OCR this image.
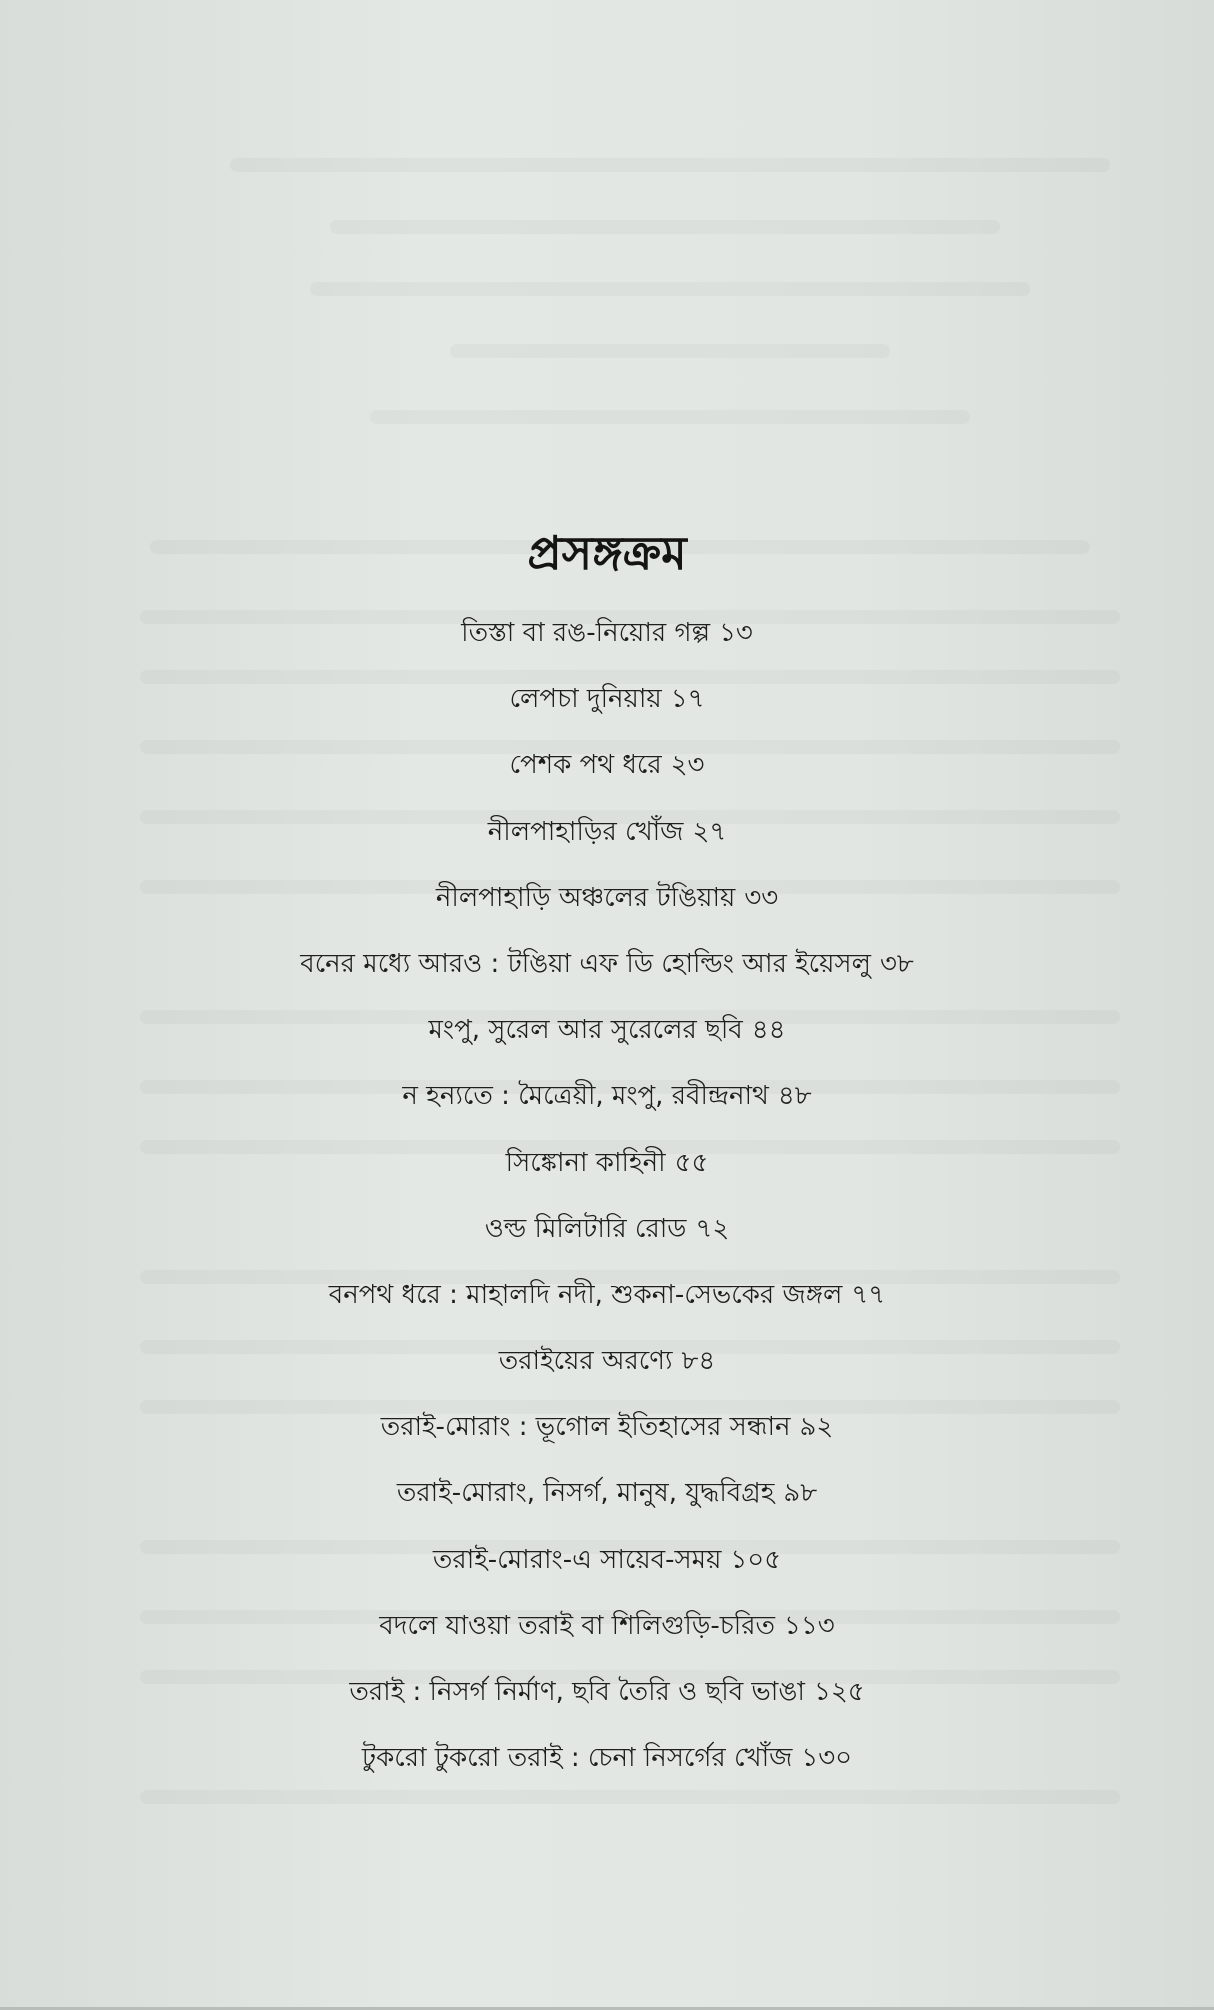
প্রসঙ্গক্রম
তিস্তা বা রঙ-নিয়োর গল্প ১৩
লেপচা দুনিয়ায় ১৭
পেশক পথ ধরে ২৩
নীলপাহাড়ির খোঁজ ২৭
নীলপাহাড়ি অঞ্চলের টঙিয়ায় ৩৩
বনের মধ্যে আরও : টঙিয়া এফ ডি হোল্ডিং আর ইয়েসলু ৩৮
মংপু, সুরেল আর সুরেলের ছবি ৪৪
ন হন্যতে : মৈত্রেয়ী, মংপু, রবীন্দ্রনাথ ৪৮
সিঙ্কোনা কাহিনী ৫৫
ওল্ড মিলিটারি রোড ৭২
বনপথ ধরে : মাহালদি নদী, শুকনা-সেভকের জঙ্গল ৭৭
তরাইয়ের অরণ্যে ৮৪
তরাই-মোরাং : ভূগোল ইতিহাসের সন্ধান ৯২
তরাই-মোরাং, নিসর্গ, মানুষ, যুদ্ধবিগ্রহ ৯৮
তরাই-মোরাং-এ সায়েব-সময় ১০৫
বদলে যাওয়া তরাই বা শিলিগুড়ি-চরিত ১১৩
তরাই : নিসর্গ নির্মাণ, ছবি তৈরি ও ছবি ভাঙা ১২৫
টুকরো টুকরো তরাই : চেনা নিসর্গের খোঁজ ১৩০
